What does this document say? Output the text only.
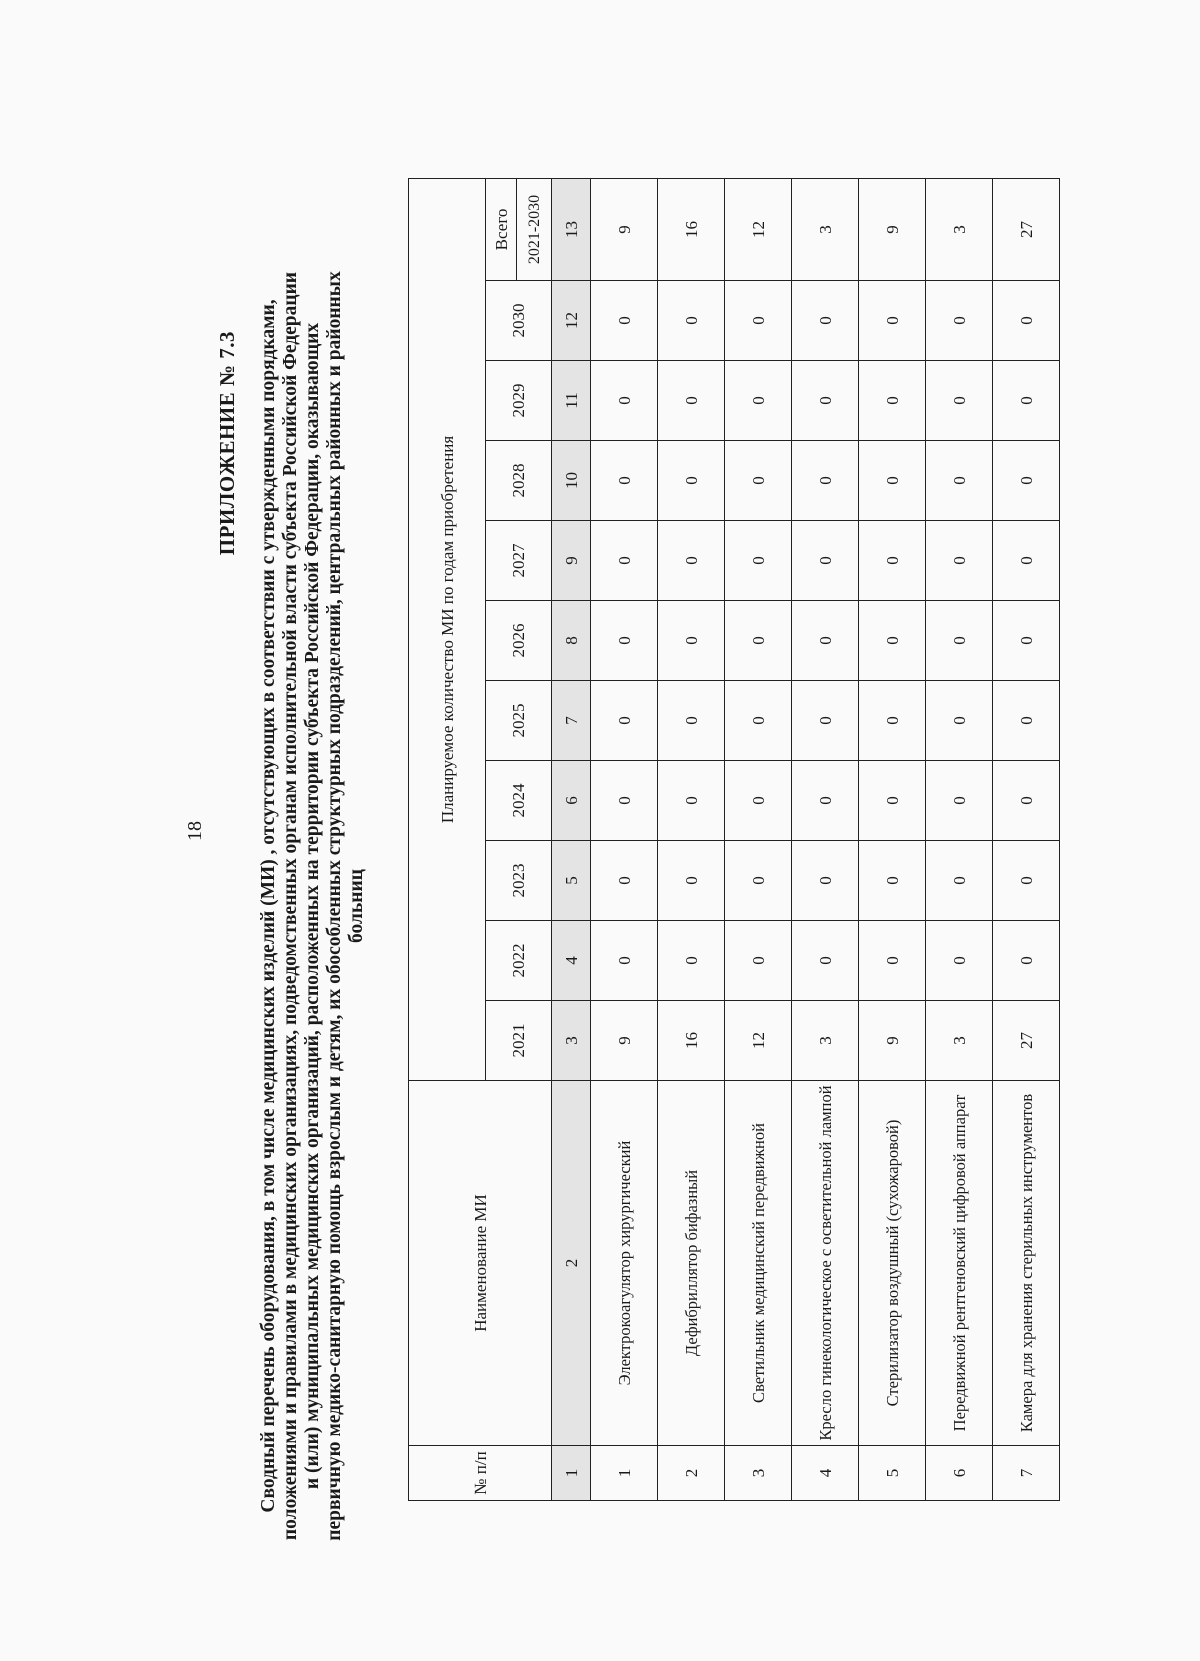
18
ПРИЛОЖЕНИЕ № 7.3 Сводный перечень оборудования, в том числе медицинских изделий (МИ) , отсутствующих в соответствии с утвержденными порядками, положениями и правилами в медицинских организациях, подведомственных органам исполнительной власти субъекта Российской Федерации и (или) муниципальных медицинских организаций, расположенных на территории субъекта Российской Федерации, оказывающих первичную медико-санитарную помощь взрослым и детям, их обособленных структурных подразделений, центральных районных и районных больниц

№ п/п	Наименование МИ	Планируемое количество МИ по годам приобретения										
		2021	2022	2023	2024	2025	2026	2027	2028	2029	2030	Всего
												2021-2030
1	2	3	4	5	6	7	8	9	10	11	12	13
1	Электрокоагулятор хирургический	9	0	0	0	0	0	0	0	0	0	9
2	Дефибриллятор бифазный	16	0	0	0	0	0	0	0	0	0	16
3	Светильник медицинский передвижной	12	0	0	0	0	0	0	0	0	0	12
4	Кресло гинекологическое с осветительной лампой	3	0	0	0	0	0	0	0	0	0	3
5	Стерилизатор воздушный (сухожаровой)	9	0	0	0	0	0	0	0	0	0	9
6	Передвижной рентгеновский цифровой аппарат	3	0	0	0	0	0	0	0	0	0	3
7	Камера для хранения стерильных инструментов	27	0	0	0	0	0	0	0	0	0	27
